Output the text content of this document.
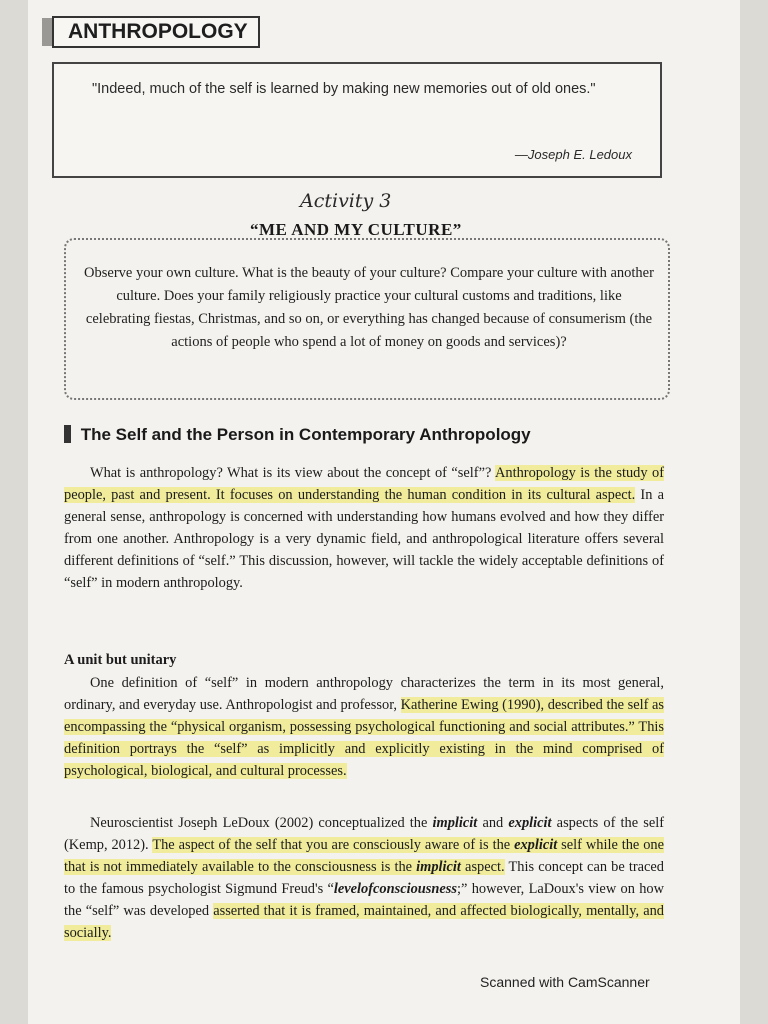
ANTHROPOLOGY
"Indeed, much of the self is learned by making new memories out of old ones."
—Joseph E. Ledoux
Activity 3
“ME AND MY CULTURE”
Observe your own culture. What is the beauty of your culture? Compare your culture with another culture. Does your family religiously practice your cultural customs and traditions, like celebrating fiestas, Christmas, and so on, or everything has changed because of consumerism (the actions of people who spend a lot of money on goods and services)?
The Self and the Person in Contemporary Anthropology
What is anthropology? What is its view about the concept of “self”? Anthropology is the study of people, past and present. It focuses on understanding the human condition in its cultural aspect. In a general sense, anthropology is concerned with understanding how humans evolved and how they differ from one another. Anthropology is a very dynamic field, and anthropological literature offers several different definitions of “self.” This discussion, however, will tackle the widely acceptable definitions of “self” in modern anthropology.
A unit but unitary
One definition of “self” in modern anthropology characterizes the term in its most general, ordinary, and everyday use. Anthropologist and professor, Katherine Ewing (1990), described the self as encompassing the “physical organism, possessing psychological functioning and social attributes.” This definition portrays the “self” as implicitly and explicitly existing in the mind comprised of psychological, biological, and cultural processes.
Neuroscientist Joseph LeDoux (2002) conceptualized the implicit and explicit aspects of the self (Kemp, 2012). The aspect of the self that you are consciously aware of is the explicit self while the one that is not immediately available to the consciousness is the implicit aspect. This concept can be traced to the famous psychologist Sigmund Freud's “levelofconsciousness;” however, LaDoux's view on how the “self” was developed asserted that it is framed, maintained, and affected biologically, mentally, and socially.
Scanned with CamScanner
